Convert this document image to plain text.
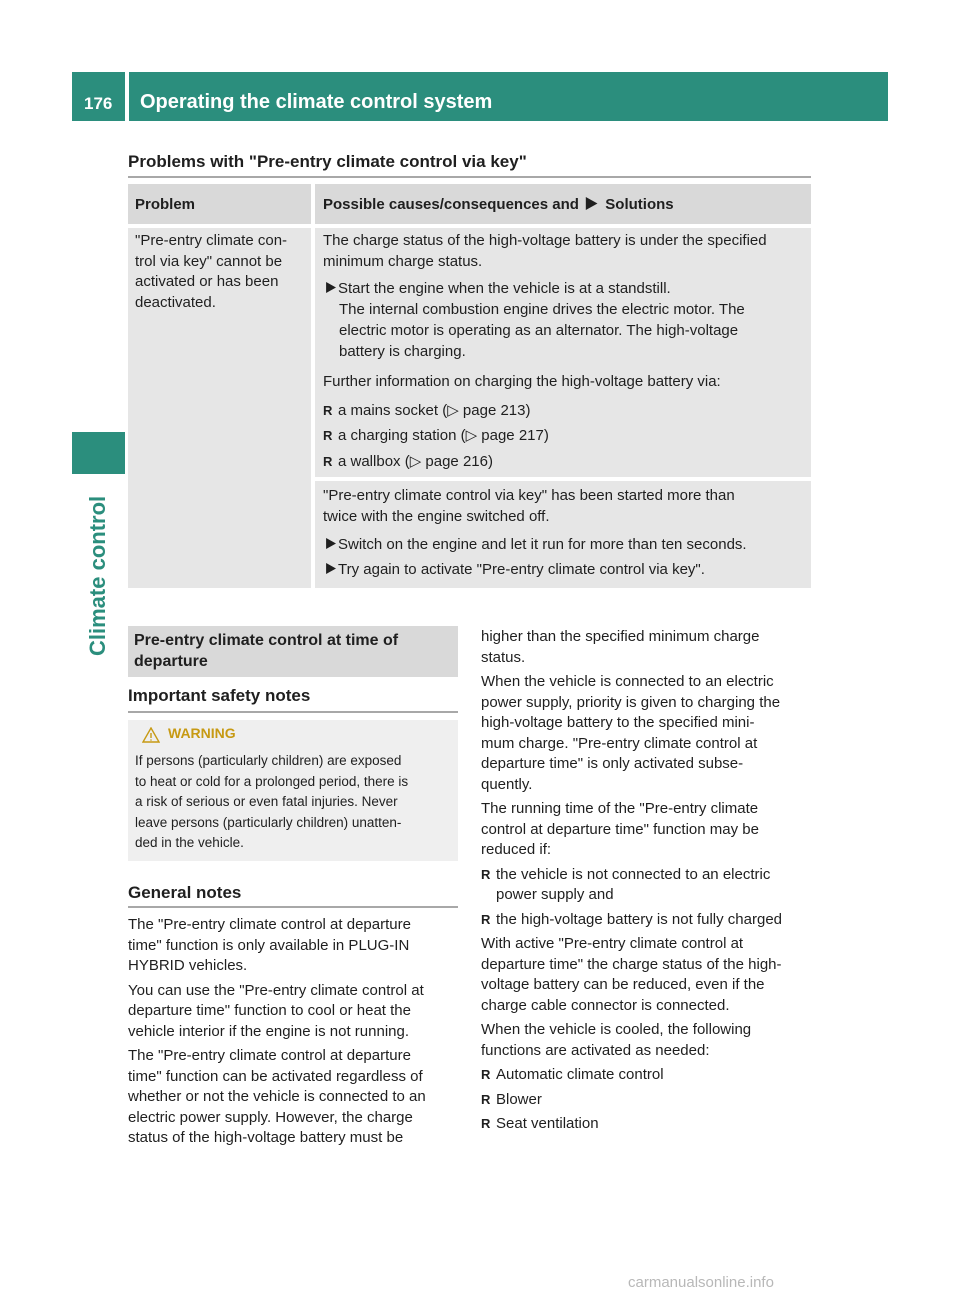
176 Operating the climate control system
Climate control
Problems with "Pre-entry climate control via key"
Problem	Possible causes/consequences and Solutions
"Pre-entry climate con-
trol via key" cannot be
activated or has been
deactivated.
The charge status of the high-voltage battery is under the specified
minimum charge status.
Start the engine when the vehicle is at a standstill.
The internal combustion engine drives the electric motor. The
electric motor is operating as an alternator. The high-voltage
battery is charging.
Further information on charging the high-voltage battery via:
R a mains socket (▷ page 213)
R a charging station (▷ page 217)
R a wallbox (▷ page 216)
"Pre-entry climate control via key" has been started more than
twice with the engine switched off.
Switch on the engine and let it run for more than ten seconds.
Try again to activate "Pre-entry climate control via key".
Pre-entry climate control at time of
departure
Important safety notes
WARNING
If persons (particularly children) are exposed
to heat or cold for a prolonged period, there is
a risk of serious or even fatal injuries. Never
leave persons (particularly children) unatten-
ded in the vehicle.
General notes
The "Pre-entry climate control at departure
time" function is only available in PLUG-IN
HYBRID vehicles.
You can use the "Pre-entry climate control at
departure time" function to cool or heat the
vehicle interior if the engine is not running.
The "Pre-entry climate control at departure
time" function can be activated regardless of
whether or not the vehicle is connected to an
electric power supply. However, the charge
status of the high-voltage battery must be
higher than the specified minimum charge
status.
When the vehicle is connected to an electric
power supply, priority is given to charging the
high-voltage battery to the specified mini-
mum charge. "Pre-entry climate control at
departure time" is only activated subse-
quently.
The running time of the "Pre-entry climate
control at departure time" function may be
reduced if:
R the vehicle is not connected to an electric
power supply and
R the high-voltage battery is not fully charged
With active "Pre-entry climate control at
departure time" the charge status of the high-
voltage battery can be reduced, even if the
charge cable connector is connected.
When the vehicle is cooled, the following
functions are activated as needed:
R Automatic climate control
R Blower
R Seat ventilation
carmanualsonline.info
